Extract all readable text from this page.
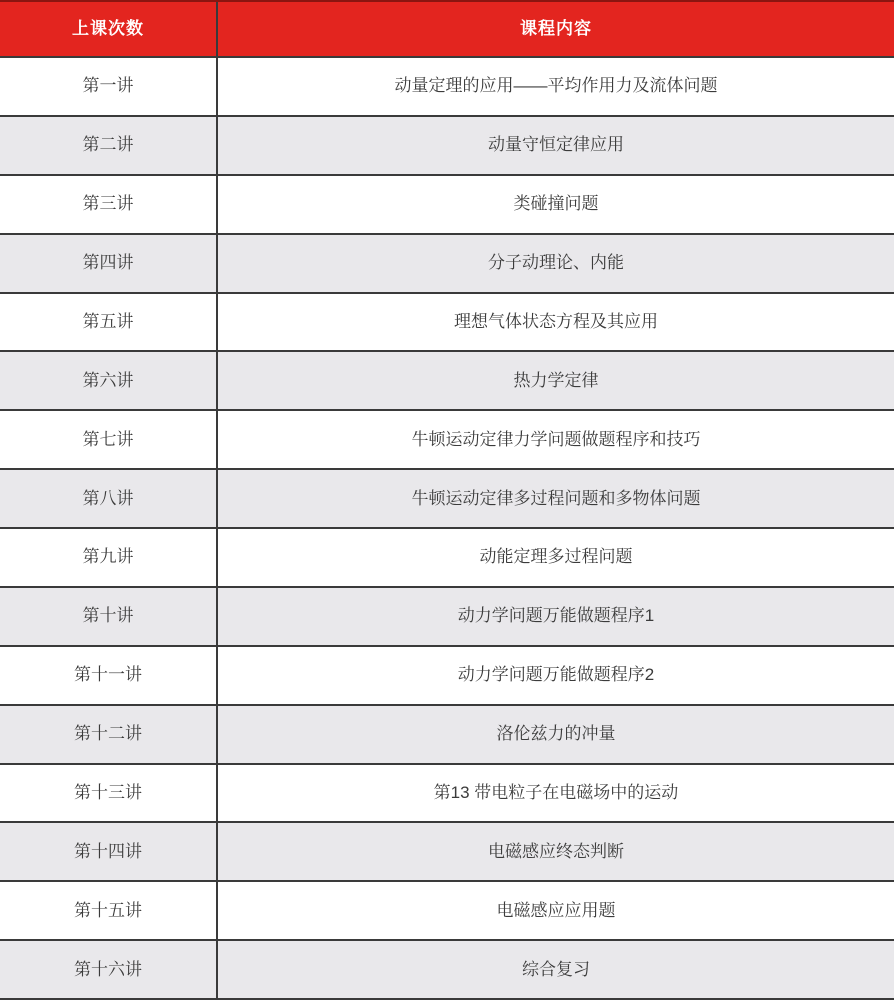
上课次数	课程内容
第一讲	动量定理的应用——平均作用力及流体问题
第二讲	动量守恒定律应用
第三讲	类碰撞问题
第四讲	分子动理论、内能
第五讲	理想气体状态方程及其应用
第六讲	热力学定律
第七讲	牛顿运动定律力学问题做题程序和技巧
第八讲	牛顿运动定律多过程问题和多物体问题
第九讲	动能定理多过程问题
第十讲	动力学问题万能做题程序1
第十一讲	动力学问题万能做题程序2
第十二讲	洛伦兹力的冲量
第十三讲	第13 带电粒子在电磁场中的运动
第十四讲	电磁感应终态判断
第十五讲	电磁感应应用题
第十六讲	综合复习
